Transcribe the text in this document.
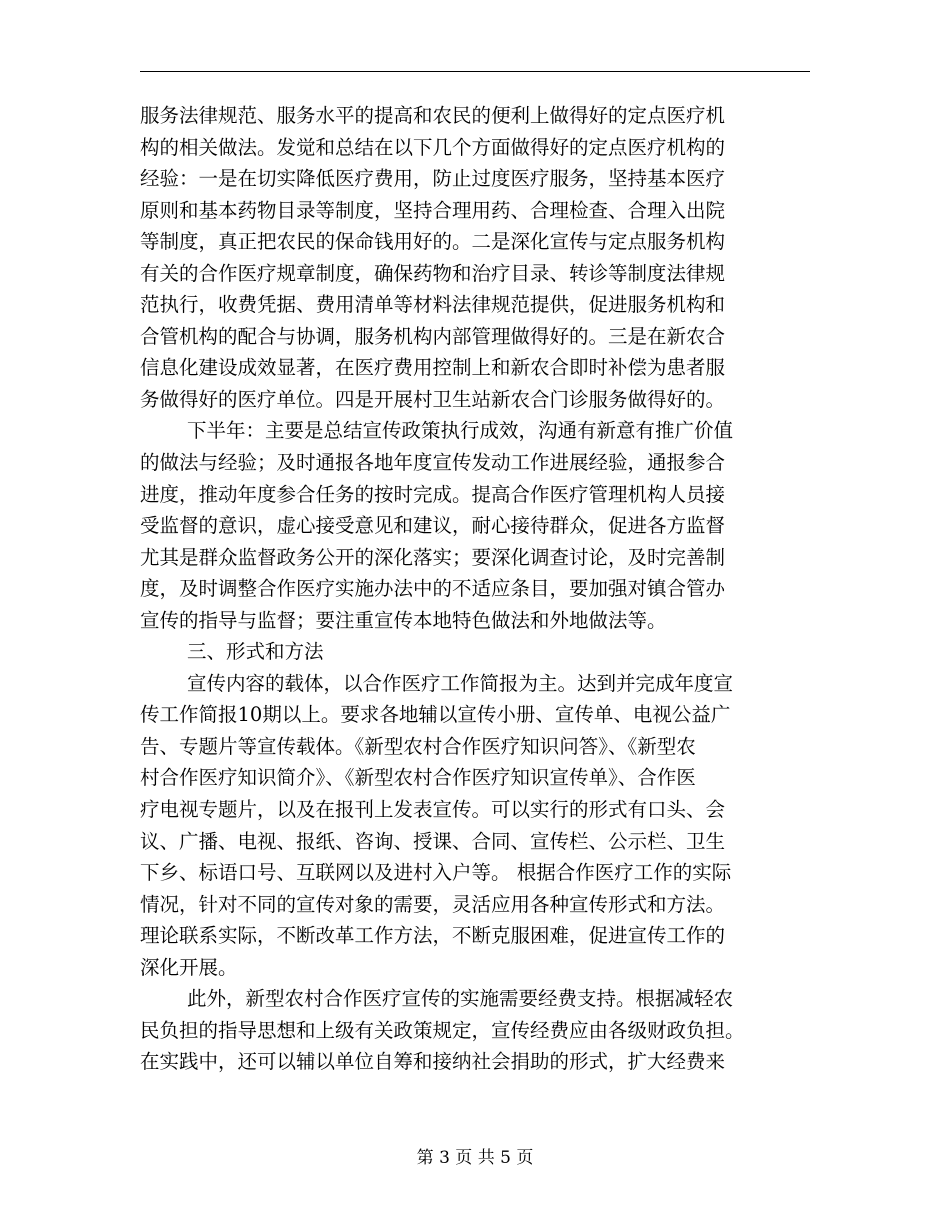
服务法律规范、服务水平的提高和农民的便利上做得好的定点医疗机
构的相关做法。发觉和总结在以下几个方面做得好的定点医疗机构的
经验：一是在切实降低医疗费用，防止过度医疗服务，坚持基本医疗
原则和基本药物目录等制度，坚持合理用药、合理检查、合理入出院
等制度，真正把农民的保命钱用好的。二是深化宣传与定点服务机构
有关的合作医疗规章制度，确保药物和治疗目录、转诊等制度法律规
范执行，收费凭据、费用清单等材料法律规范提供，促进服务机构和
合管机构的配合与协调，服务机构内部管理做得好的。三是在新农合
信息化建设成效显著，在医疗费用控制上和新农合即时补偿为患者服
务做得好的医疗单位。四是开展村卫生站新农合门诊服务做得好的。
下半年：主要是总结宣传政策执行成效，沟通有新意有推广价值
的做法与经验；及时通报各地年度宣传发动工作进展经验，通报参合
进度，推动年度参合任务的按时完成。提高合作医疗管理机构人员接
受监督的意识，虚心接受意见和建议，耐心接待群众，促进各方监督
尤其是群众监督政务公开的深化落实；要深化调查讨论，及时完善制
度，及时调整合作医疗实施办法中的不适应条目，要加强对镇合管办
宣传的指导与监督；要注重宣传本地特色做法和外地做法等。
三、形式和方法
宣传内容的载体，以合作医疗工作简报为主。达到并完成年度宣
传工作简报10期以上。要求各地辅以宣传小册、宣传单、电视公益广
告、专题片等宣传载体。《新型农村合作医疗知识问答》、《新型农
村合作医疗知识简介》、《新型农村合作医疗知识宣传单》、合作医
疗电视专题片，以及在报刊上发表宣传。可以实行的形式有口头、会
议、广播、电视、报纸、咨询、授课、合同、宣传栏、公示栏、卫生
下乡、标语口号、互联网以及进村入户等。 根据合作医疗工作的实际
情况，针对不同的宣传对象的需要，灵活应用各种宣传形式和方法。
理论联系实际，不断改革工作方法，不断克服困难，促进宣传工作的
深化开展。
此外，新型农村合作医疗宣传的实施需要经费支持。根据减轻农
民负担的指导思想和上级有关政策规定，宣传经费应由各级财政负担。
在实践中，还可以辅以单位自筹和接纳社会捐助的形式，扩大经费来
第 3 页 共 5 页
